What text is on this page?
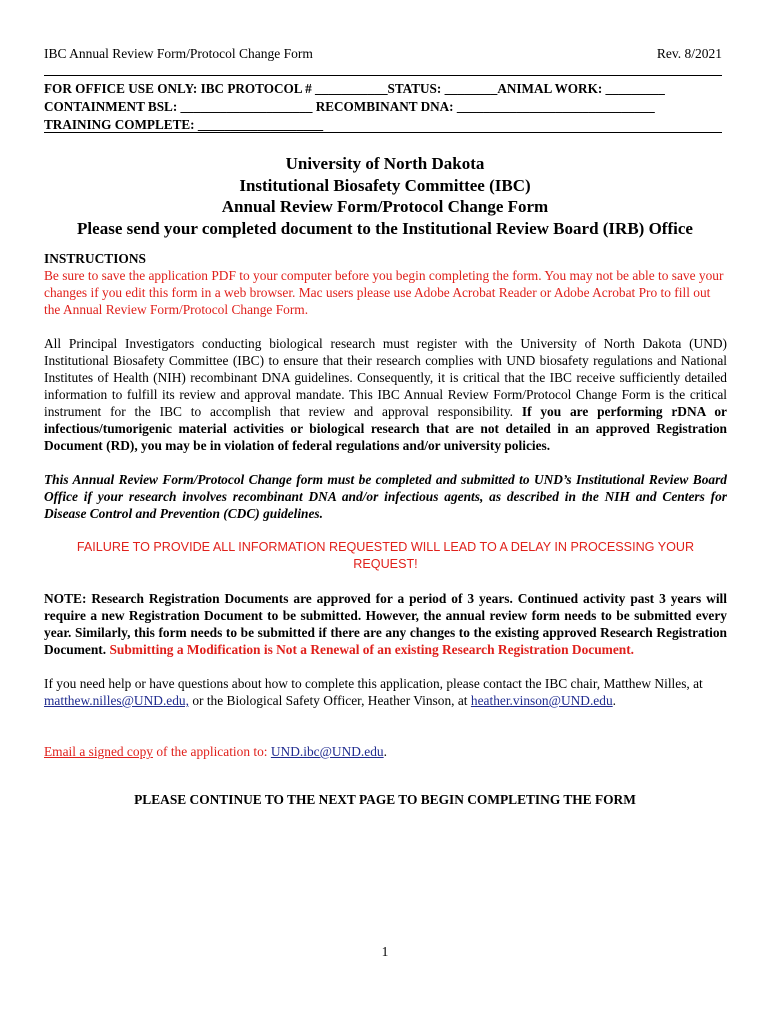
IBC Annual Review Form/Protocol Change Form	Rev. 8/2021
FOR OFFICE USE ONLY: IBC PROTOCOL # ___________STATUS: ________ANIMAL WORK: _________
CONTAINMENT BSL: ____________________ RECOMBINANT DNA: ______________________________
TRAINING COMPLETE: ___________________
University of North Dakota
Institutional Biosafety Committee (IBC)
Annual Review Form/Protocol Change Form
Please send your completed document to the Institutional Review Board (IRB) Office

INSTRUCTIONS

Be sure to save the application PDF to your computer before you begin completing the form. You may not be able to save your changes if you edit this form in a web browser. Mac users please use Adobe Acrobat Reader or Adobe Acrobat Pro to fill out the Annual Review Form/Protocol Change Form.

All Principal Investigators conducting biological research must register with the University of North Dakota (UND) Institutional Biosafety Committee (IBC) to ensure that their research complies with UND biosafety regulations and National Institutes of Health (NIH) recombinant DNA guidelines. Consequently, it is critical that the IBC receive sufficiently detailed information to fulfill its review and approval mandate. This IBC Annual Review Form/Protocol Change Form is the critical instrument for the IBC to accomplish that review and approval responsibility. If you are performing rDNA or infectious/tumorigenic material activities or biological research that are not detailed in an approved Registration Document (RD), you may be in violation of federal regulations and/or university policies.

This Annual Review Form/Protocol Change form must be completed and submitted to UND’s Institutional Review Board Office if your research involves recombinant DNA and/or infectious agents, as described in the NIH and Centers for Disease Control and Prevention (CDC) guidelines.

FAILURE TO PROVIDE ALL INFORMATION REQUESTED WILL LEAD TO A DELAY IN PROCESSING YOUR REQUEST!

NOTE: Research Registration Documents are approved for a period of 3 years. Continued activity past 3 years will require a new Registration Document to be submitted. However, the annual review form needs to be submitted every year. Similarly, this form needs to be submitted if there are any changes to the existing approved Research Registration Document. Submitting a Modification is Not a Renewal of an existing Research Registration Document.

If you need help or have questions about how to complete this application, please contact the IBC chair, Matthew Nilles, at matthew.nilles@UND.edu, or the Biological Safety Officer, Heather Vinson, at heather.vinson@UND.edu.

Email a signed copy of the application to: UND.ibc@UND.edu.

PLEASE CONTINUE TO THE NEXT PAGE TO BEGIN COMPLETING THE FORM
1
